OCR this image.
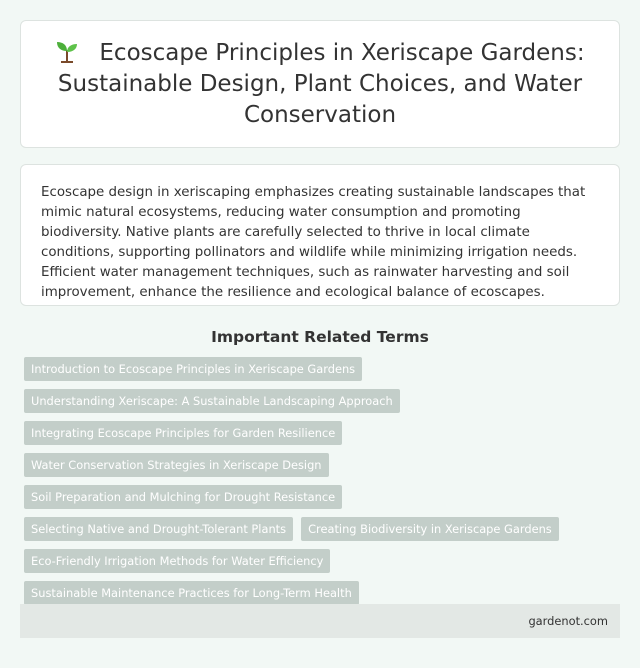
Ecoscape Principles in Xeriscape Gardens: Sustainable Design, Plant Choices, and Water Conservation

Ecoscape design in xeriscaping emphasizes creating sustainable landscapes that mimic natural ecosystems, reducing water consumption and promoting biodiversity. Native plants are carefully selected to thrive in local climate conditions, supporting pollinators and wildlife while minimizing irrigation needs. Efficient water management techniques, such as rainwater harvesting and soil improvement, enhance the resilience and ecological balance of ecoscapes.

Important Related Terms
Introduction to Ecoscape Principles in Xeriscape Gardens
Understanding Xeriscape: A Sustainable Landscaping Approach
Integrating Ecoscape Principles for Garden Resilience
Water Conservation Strategies in Xeriscape Design
Soil Preparation and Mulching for Drought Resistance
Selecting Native and Drought-Tolerant Plants	Creating Biodiversity in Xeriscape Gardens
Eco-Friendly Irrigation Methods for Water Efficiency
Sustainable Maintenance Practices for Long-Term Health
gardenot.com
